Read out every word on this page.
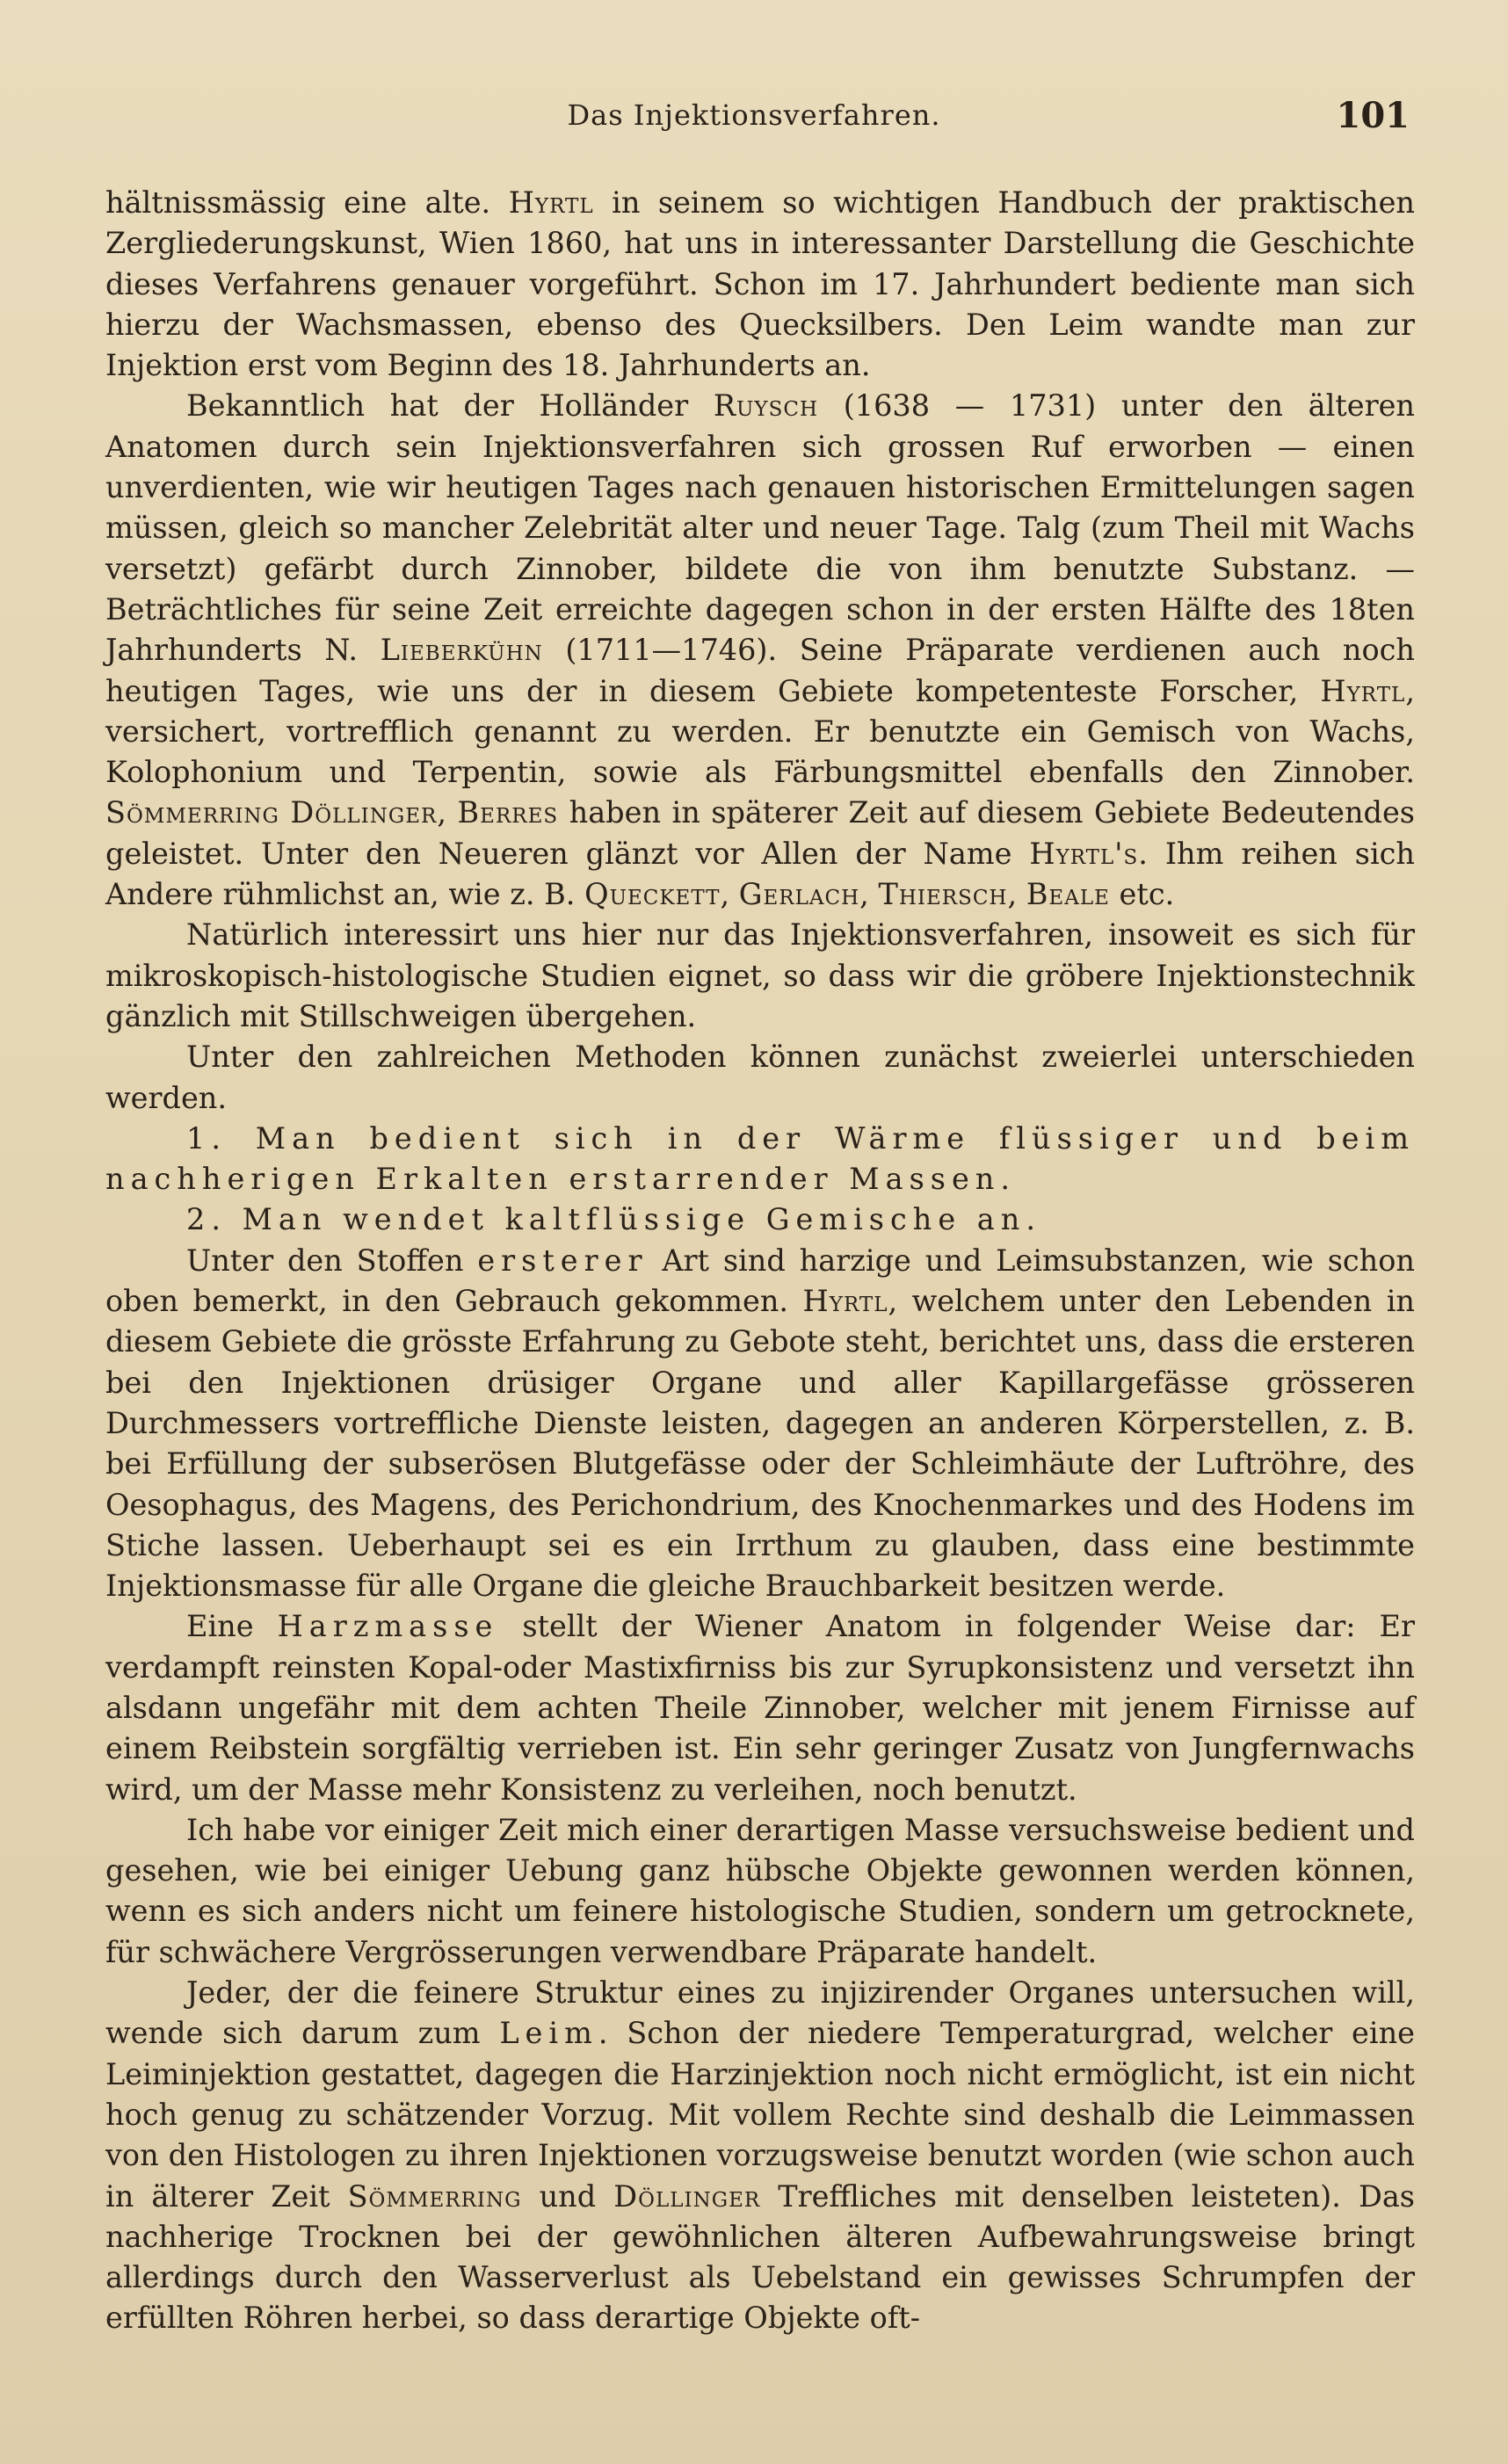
Das Injektionsverfahren.	101

hältnissmässig eine alte. Hyrtl in seinem so wichtigen Handbuch der praktischen Zergliederungskunst, Wien 1860, hat uns in interessanter Darstellung die Geschichte dieses Verfahrens genauer vorgeführt. Schon im 17. Jahrhundert bediente man sich hierzu der Wachsmassen, ebenso des Quecksilbers. Den Leim wandte man zur Injektion erst vom Beginn des 18. Jahrhunderts an.

Bekanntlich hat der Holländer Ruysch (1638 — 1731) unter den älteren Anatomen durch sein Injektionsverfahren sich grossen Ruf erworben — einen unverdienten, wie wir heutigen Tages nach genauen historischen Ermittelungen sagen müssen, gleich so mancher Zelebrität alter und neuer Tage. Talg (zum Theil mit Wachs versetzt) gefärbt durch Zinnober, bildete die von ihm benutzte Substanz. — Beträchtliches für seine Zeit erreichte dagegen schon in der ersten Hälfte des 18ten Jahrhunderts N. Lieberkühn (1711—1746). Seine Präparate verdienen auch noch heutigen Tages, wie uns der in diesem Gebiete kompetenteste Forscher, Hyrtl, versichert, vortrefflich genannt zu werden. Er benutzte ein Gemisch von Wachs, Kolophonium und Terpentin, sowie als Färbungsmittel ebenfalls den Zinnober. Sömmerring Döllinger, Berres haben in späterer Zeit auf diesem Gebiete Bedeutendes geleistet. Unter den Neueren glänzt vor Allen der Name Hyrtl's. Ihm reihen sich Andere rühmlichst an, wie z. B. Queckett, Gerlach, Thiersch, Beale etc.

Natürlich interessirt uns hier nur das Injektionsverfahren, insoweit es sich für mikroskopisch-histologische Studien eignet, so dass wir die gröbere Injektionstechnik gänzlich mit Stillschweigen übergehen.

Unter den zahlreichen Methoden können zunächst zweierlei unterschieden werden.

1. Man bedient sich in der Wärme flüssiger und beim nachherigen Erkalten erstarrender Massen.

2. Man wendet kaltflüssige Gemische an.

Unter den Stoffen ersterer Art sind harzige und Leimsubstanzen, wie schon oben bemerkt, in den Gebrauch gekommen. Hyrtl, welchem unter den Lebenden in diesem Gebiete die grösste Erfahrung zu Gebote steht, berichtet uns, dass die ersteren bei den Injektionen drüsiger Organe und aller Kapillargefässe grösseren Durchmessers vortreffliche Dienste leisten, dagegen an anderen Körperstellen, z. B. bei Erfüllung der subserösen Blutgefässe oder der Schleimhäute der Luftröhre, des Oesophagus, des Magens, des Perichondrium, des Knochenmarkes und des Hodens im Stiche lassen. Ueberhaupt sei es ein Irrthum zu glauben, dass eine bestimmte Injektionsmasse für alle Organe die gleiche Brauchbarkeit besitzen werde.

Eine Harzmasse stellt der Wiener Anatom in folgender Weise dar: Er verdampft reinsten Kopal-oder Mastixfirniss bis zur Syrupkonsistenz und versetzt ihn alsdann ungefähr mit dem achten Theile Zinnober, welcher mit jenem Firnisse auf einem Reibstein sorgfältig verrieben ist. Ein sehr geringer Zusatz von Jungfernwachs wird, um der Masse mehr Konsistenz zu verleihen, noch benutzt.

Ich habe vor einiger Zeit mich einer derartigen Masse versuchsweise bedient und gesehen, wie bei einiger Uebung ganz hübsche Objekte gewonnen werden können, wenn es sich anders nicht um feinere histologische Studien, sondern um getrocknete, für schwächere Vergrösserungen verwendbare Präparate handelt.

Jeder, der die feinere Struktur eines zu injizirender Organes untersuchen will, wende sich darum zum Leim. Schon der niedere Temperaturgrad, welcher eine Leiminjektion gestattet, dagegen die Harzinjektion noch nicht ermöglicht, ist ein nicht hoch genug zu schätzender Vorzug. Mit vollem Rechte sind deshalb die Leimmassen von den Histologen zu ihren Injektionen vorzugsweise benutzt worden (wie schon auch in älterer Zeit Sömmerring und Döllinger Treffliches mit denselben leisteten). Das nachherige Trocknen bei der gewöhnlichen älteren Aufbewahrungsweise bringt allerdings durch den Wasserverlust als Uebelstand ein gewisses Schrumpfen der erfüllten Röhren herbei, so dass derartige Objekte oft-
